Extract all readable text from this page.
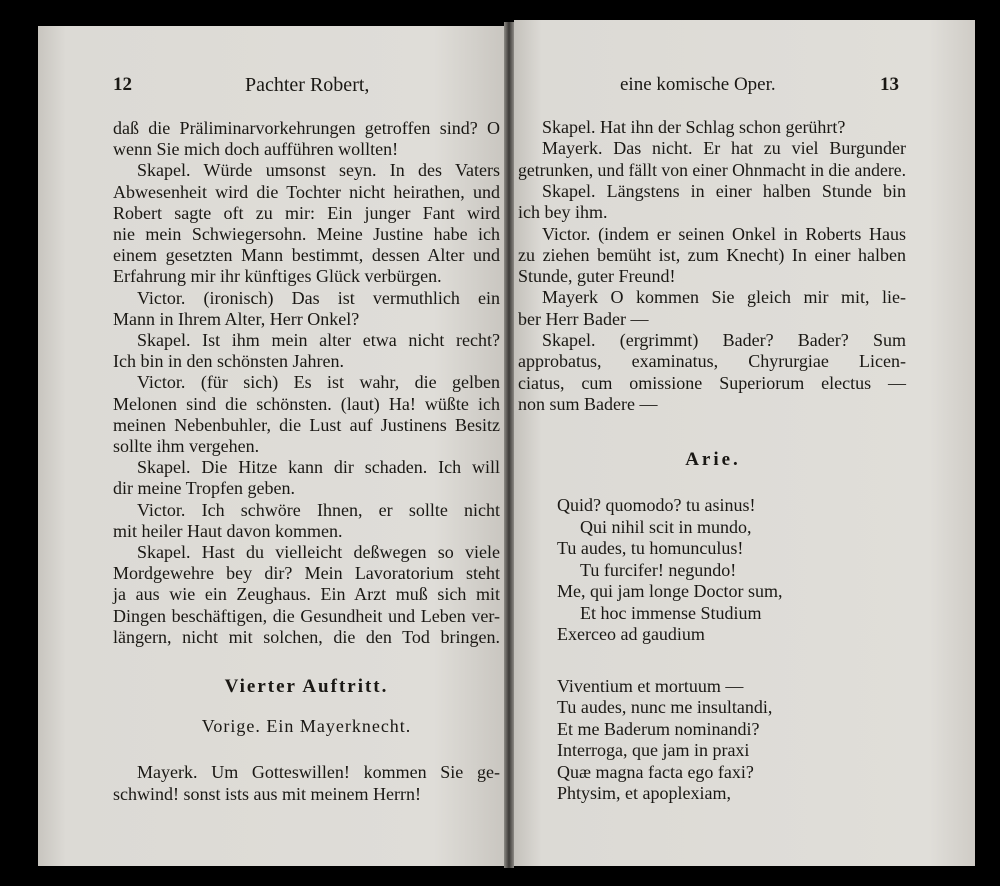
12	Pachter Robert,	eine komische Oper.	13
daß die Präliminarvorkehrungen getroffen sind? O
wenn Sie mich doch aufführen wollten!
Skapel. Würde umsonst seyn. In des Vaters
Abwesenheit wird die Tochter nicht heirathen, und
Robert sagte oft zu mir: Ein junger Fant wird
nie mein Schwiegersohn. Meine Justine habe ich
einem gesetzten Mann bestimmt, dessen Alter und
Erfahrung mir ihr künftiges Glück verbürgen.
Victor. (ironisch) Das ist vermuthlich ein
Mann in Ihrem Alter, Herr Onkel?
Skapel. Ist ihm mein alter etwa nicht recht?
Ich bin in den schönsten Jahren.
Victor. (für sich) Es ist wahr, die gelben
Melonen sind die schönsten. (laut) Ha! wüßte ich
meinen Nebenbuhler, die Lust auf Justinens Besitz
sollte ihm vergehen.
Skapel. Die Hitze kann dir schaden. Ich will
dir meine Tropfen geben.
Victor. Ich schwöre Ihnen, er sollte nicht
mit heiler Haut davon kommen.
Skapel. Hast du vielleicht deßwegen so viele
Mordgewehre bey dir? Mein Lavoratorium steht
ja aus wie ein Zeughaus. Ein Arzt muß sich mit
Dingen beschäftigen, die Gesundheit und Leben ver-
längern, nicht mit solchen, die den Tod bringen.
Vierter Auftritt.
Vorige. Ein Mayerknecht.
Mayerk. Um Gotteswillen! kommen Sie ge-
schwind! sonst ists aus mit meinem Herrn!
Skapel. Hat ihn der Schlag schon gerührt?
Mayerk. Das nicht. Er hat zu viel Burgunder
getrunken, und fällt von einer Ohnmacht in die andere.
Skapel. Längstens in einer halben Stunde bin
ich bey ihm.
Victor. (indem er seinen Onkel in Roberts Haus
zu ziehen bemüht ist, zum Knecht) In einer halben
Stunde, guter Freund!
Mayerk O kommen Sie gleich mir mit, lie-
ber Herr Bader —
Skapel. (ergrimmt) Bader? Bader? Sum
approbatus, examinatus, Chyrurgiae Licen-
ciatus, cum omissione Superiorum electus —
non sum Badere —
Arie.
Quid? quomodo? tu asinus!
Qui nihil scit in mundo,
Tu audes, tu homunculus!
Tu furcifer! negundo!
Me, qui jam longe Doctor sum,
Et hoc immense Studium
Exerceo ad gaudium
Viventium et mortuum —
Tu audes, nunc me insultandi,
Et me Baderum nominandi?
Interroga, que jam in praxi
Quæ magna facta ego faxi?
Phtysim, et apoplexiam,
